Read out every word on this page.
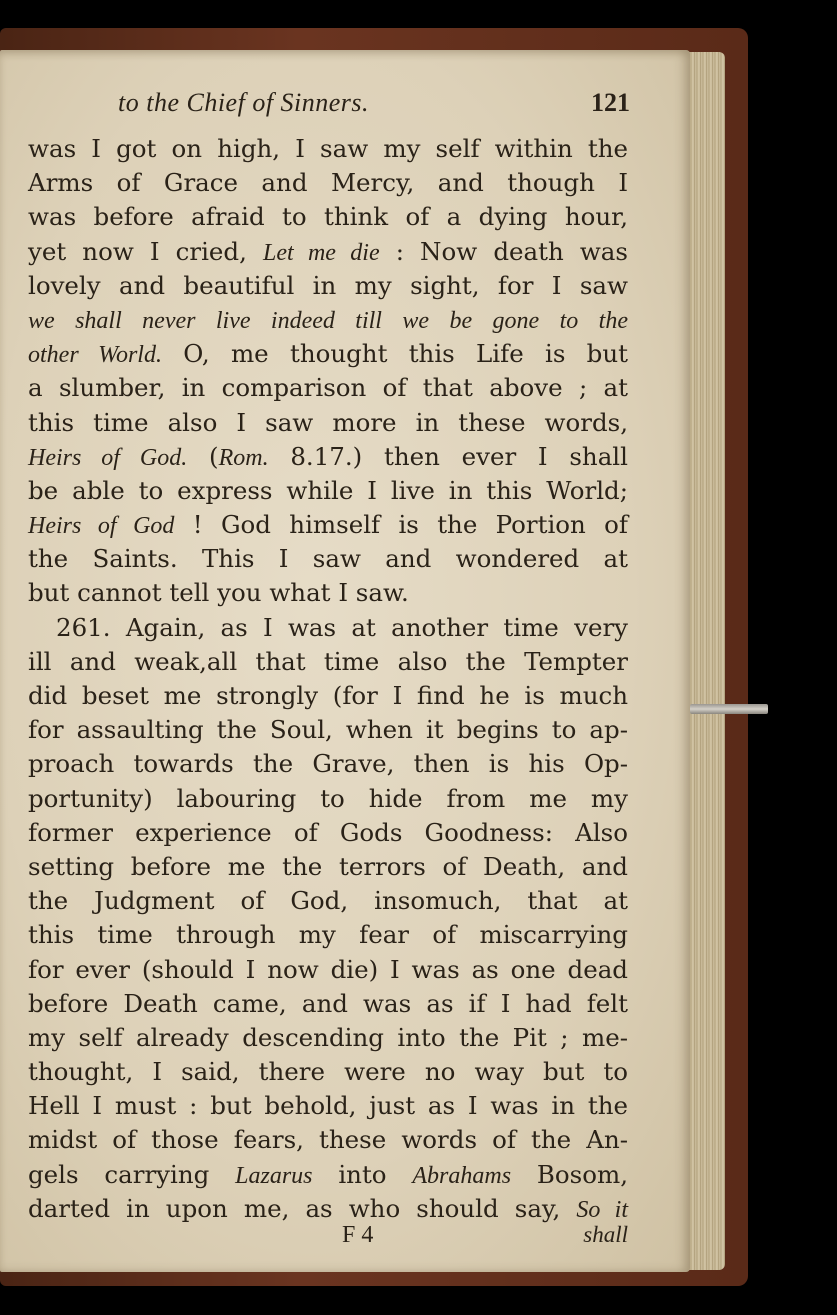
to the Chief of Sinners.	121
was I got on high, I saw my self within the
Arms of Grace and Mercy, and though I
was before afraid to think of a dying hour,
yet now I cried, Let me die : Now death was
lovely and beautiful in my sight, for I saw
we shall never live indeed till we be gone to the
other World. O, me thought this Life is but
a slumber, in comparison of that above ; at
this time also I saw more in these words,
Heirs of God. (Rom. 8.17.) then ever I shall
be able to express while I live in this World;
Heirs of God ! God himself is the Portion of
the Saints. This I saw and wondered at
but cannot tell you what I saw.
261. Again, as I was at another time very
ill and weak,all that time also the Tempter
did beset me strongly (for I find he is much
for assaulting the Soul, when it begins to ap-
proach towards the Grave, then is his Op-
portunity) labouring to hide from me my
former experience of Gods Goodness: Also
setting before me the terrors of Death, and
the Judgment of God, insomuch, that at
this time through my fear of miscarrying
for ever (should I now die) I was as one dead
before Death came, and was as if I had felt
my self already descending into the Pit ; me-
thought, I said, there were no way but to
Hell I must : but behold, just as I was in the
midst of those fears, these words of the An-
gels carrying Lazarus into Abrahams Bosom,
darted in upon me, as who should say, So it
F 4	shall
